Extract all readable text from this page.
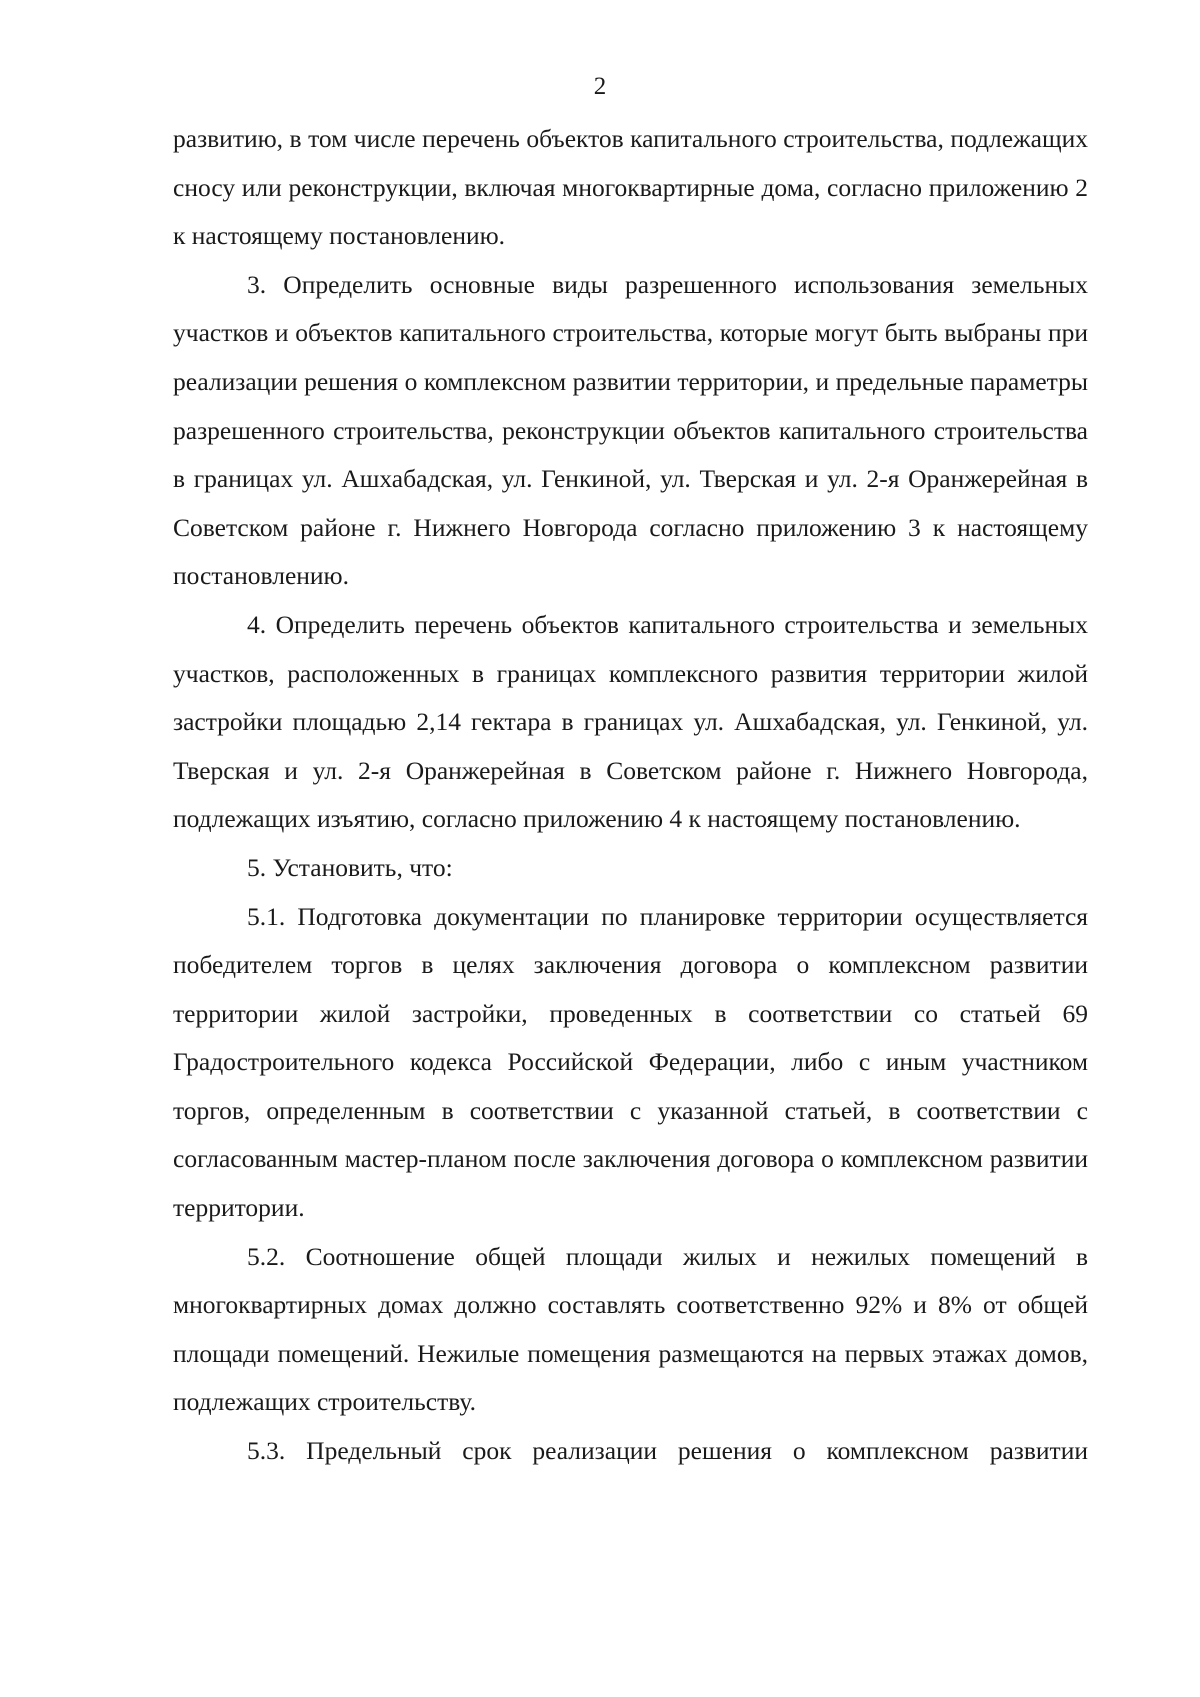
2

развитию, в том числе перечень объектов капитального строительства, подлежащих сносу или реконструкции, включая многоквартирные дома, согласно приложению 2 к настоящему постановлению.

3. Определить основные виды разрешенного использования земельных участков и объектов капитального строительства, которые могут быть выбраны при реализации решения о комплексном развитии территории, и предельные параметры разрешенного строительства, реконструкции объектов капитального строительства в границах ул. Ашхабадская, ул. Генкиной, ул. Тверская и ул. 2-я Оранжерейная в Советском районе г. Нижнего Новгорода согласно приложению 3 к настоящему постановлению.

4. Определить перечень объектов капитального строительства и земельных участков, расположенных в границах комплексного развития территории жилой застройки площадью 2,14 гектара в границах ул. Ашхабадская, ул. Генкиной, ул. Тверская и ул. 2-я Оранжерейная в Советском районе г. Нижнего Новгорода, подлежащих изъятию, согласно приложению 4 к настоящему постановлению.

5. Установить, что:

5.1. Подготовка документации по планировке территории осуществляется победителем торгов в целях заключения договора о комплексном развитии территории жилой застройки, проведенных в соответствии со статьей 69 Градостроительного кодекса Российской Федерации, либо с иным участником торгов, определенным в соответствии с указанной статьей, в соответствии с согласованным мастер-планом после заключения договора о комплексном развитии территории.

5.2. Соотношение общей площади жилых и нежилых помещений в многоквартирных домах должно составлять соответственно 92% и 8% от общей площади помещений. Нежилые помещения размещаются на первых этажах домов, подлежащих строительству.

5.3. Предельный срок реализации решения о комплексном развитии
